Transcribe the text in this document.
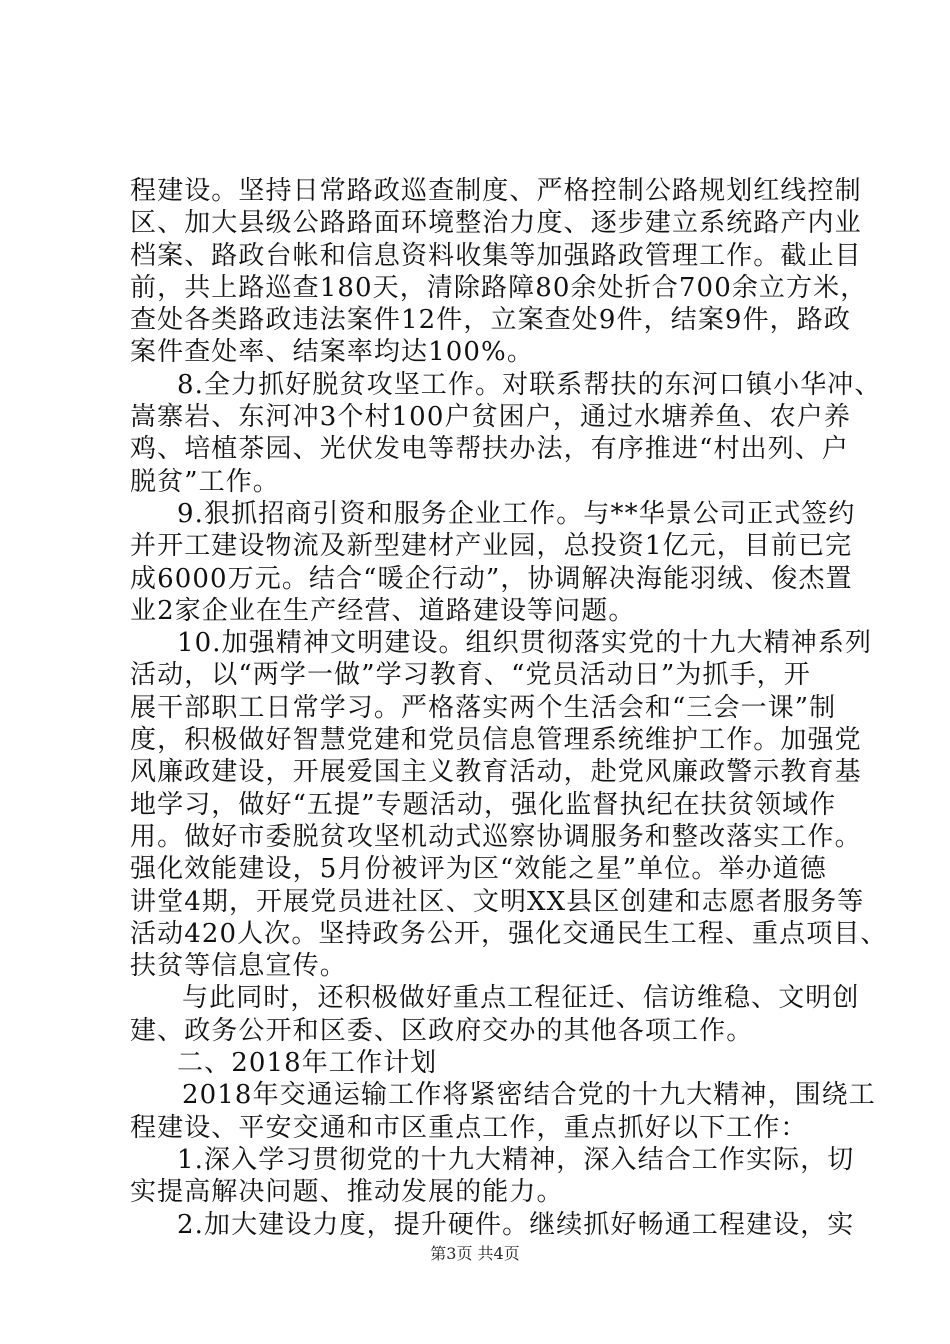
程建设。坚持日常路政巡查制度、严格控制公路规划红线控制
区、加大县级公路路面环境整治力度、逐步建立系统路产内业
档案、路政台帐和信息资料收集等加强路政管理工作。截止目
前，共上路巡查180天，清除路障80余处折合700余立方米，
查处各类路政违法案件12件，立案查处9件，结案9件，路政
案件查处率、结案率均达100%。
8.全力抓好脱贫攻坚工作。对联系帮扶的东河口镇小华冲、
嵩寨岩、东河冲3个村100户贫困户，通过水塘养鱼、农户养
鸡、培植茶园、光伏发电等帮扶办法，有序推进“村出列、户
脱贫”工作。
9.狠抓招商引资和服务企业工作。与**华景公司正式签约
并开工建设物流及新型建材产业园，总投资1亿元，目前已完
成6000万元。结合“暖企行动”，协调解决海能羽绒、俊杰置
业2家企业在生产经营、道路建设等问题。
10.加强精神文明建设。组织贯彻落实党的十九大精神系列
活动，以“两学一做”学习教育、“党员活动日”为抓手，开
展干部职工日常学习。严格落实两个生活会和“三会一课”制
度，积极做好智慧党建和党员信息管理系统维护工作。加强党
风廉政建设，开展爱国主义教育活动，赴党风廉政警示教育基
地学习，做好“五提”专题活动，强化监督执纪在扶贫领域作
用。做好市委脱贫攻坚机动式巡察协调服务和整改落实工作。
强化效能建设，5月份被评为区“效能之星”单位。举办道德
讲堂4期，开展党员进社区、文明XX县区创建和志愿者服务等
活动420人次。坚持政务公开，强化交通民生工程、重点项目、
扶贫等信息宣传。
与此同时，还积极做好重点工程征迁、信访维稳、文明创
建、政务公开和区委、区政府交办的其他各项工作。
二、2018年工作计划
2018年交通运输工作将紧密结合党的十九大精神，围绕工
程建设、平安交通和市区重点工作，重点抓好以下工作：
1.深入学习贯彻党的十九大精神，深入结合工作实际，切
实提高解决问题、推动发展的能力。
2.加大建设力度，提升硬件。继续抓好畅通工程建设，实
第3页 共4页
